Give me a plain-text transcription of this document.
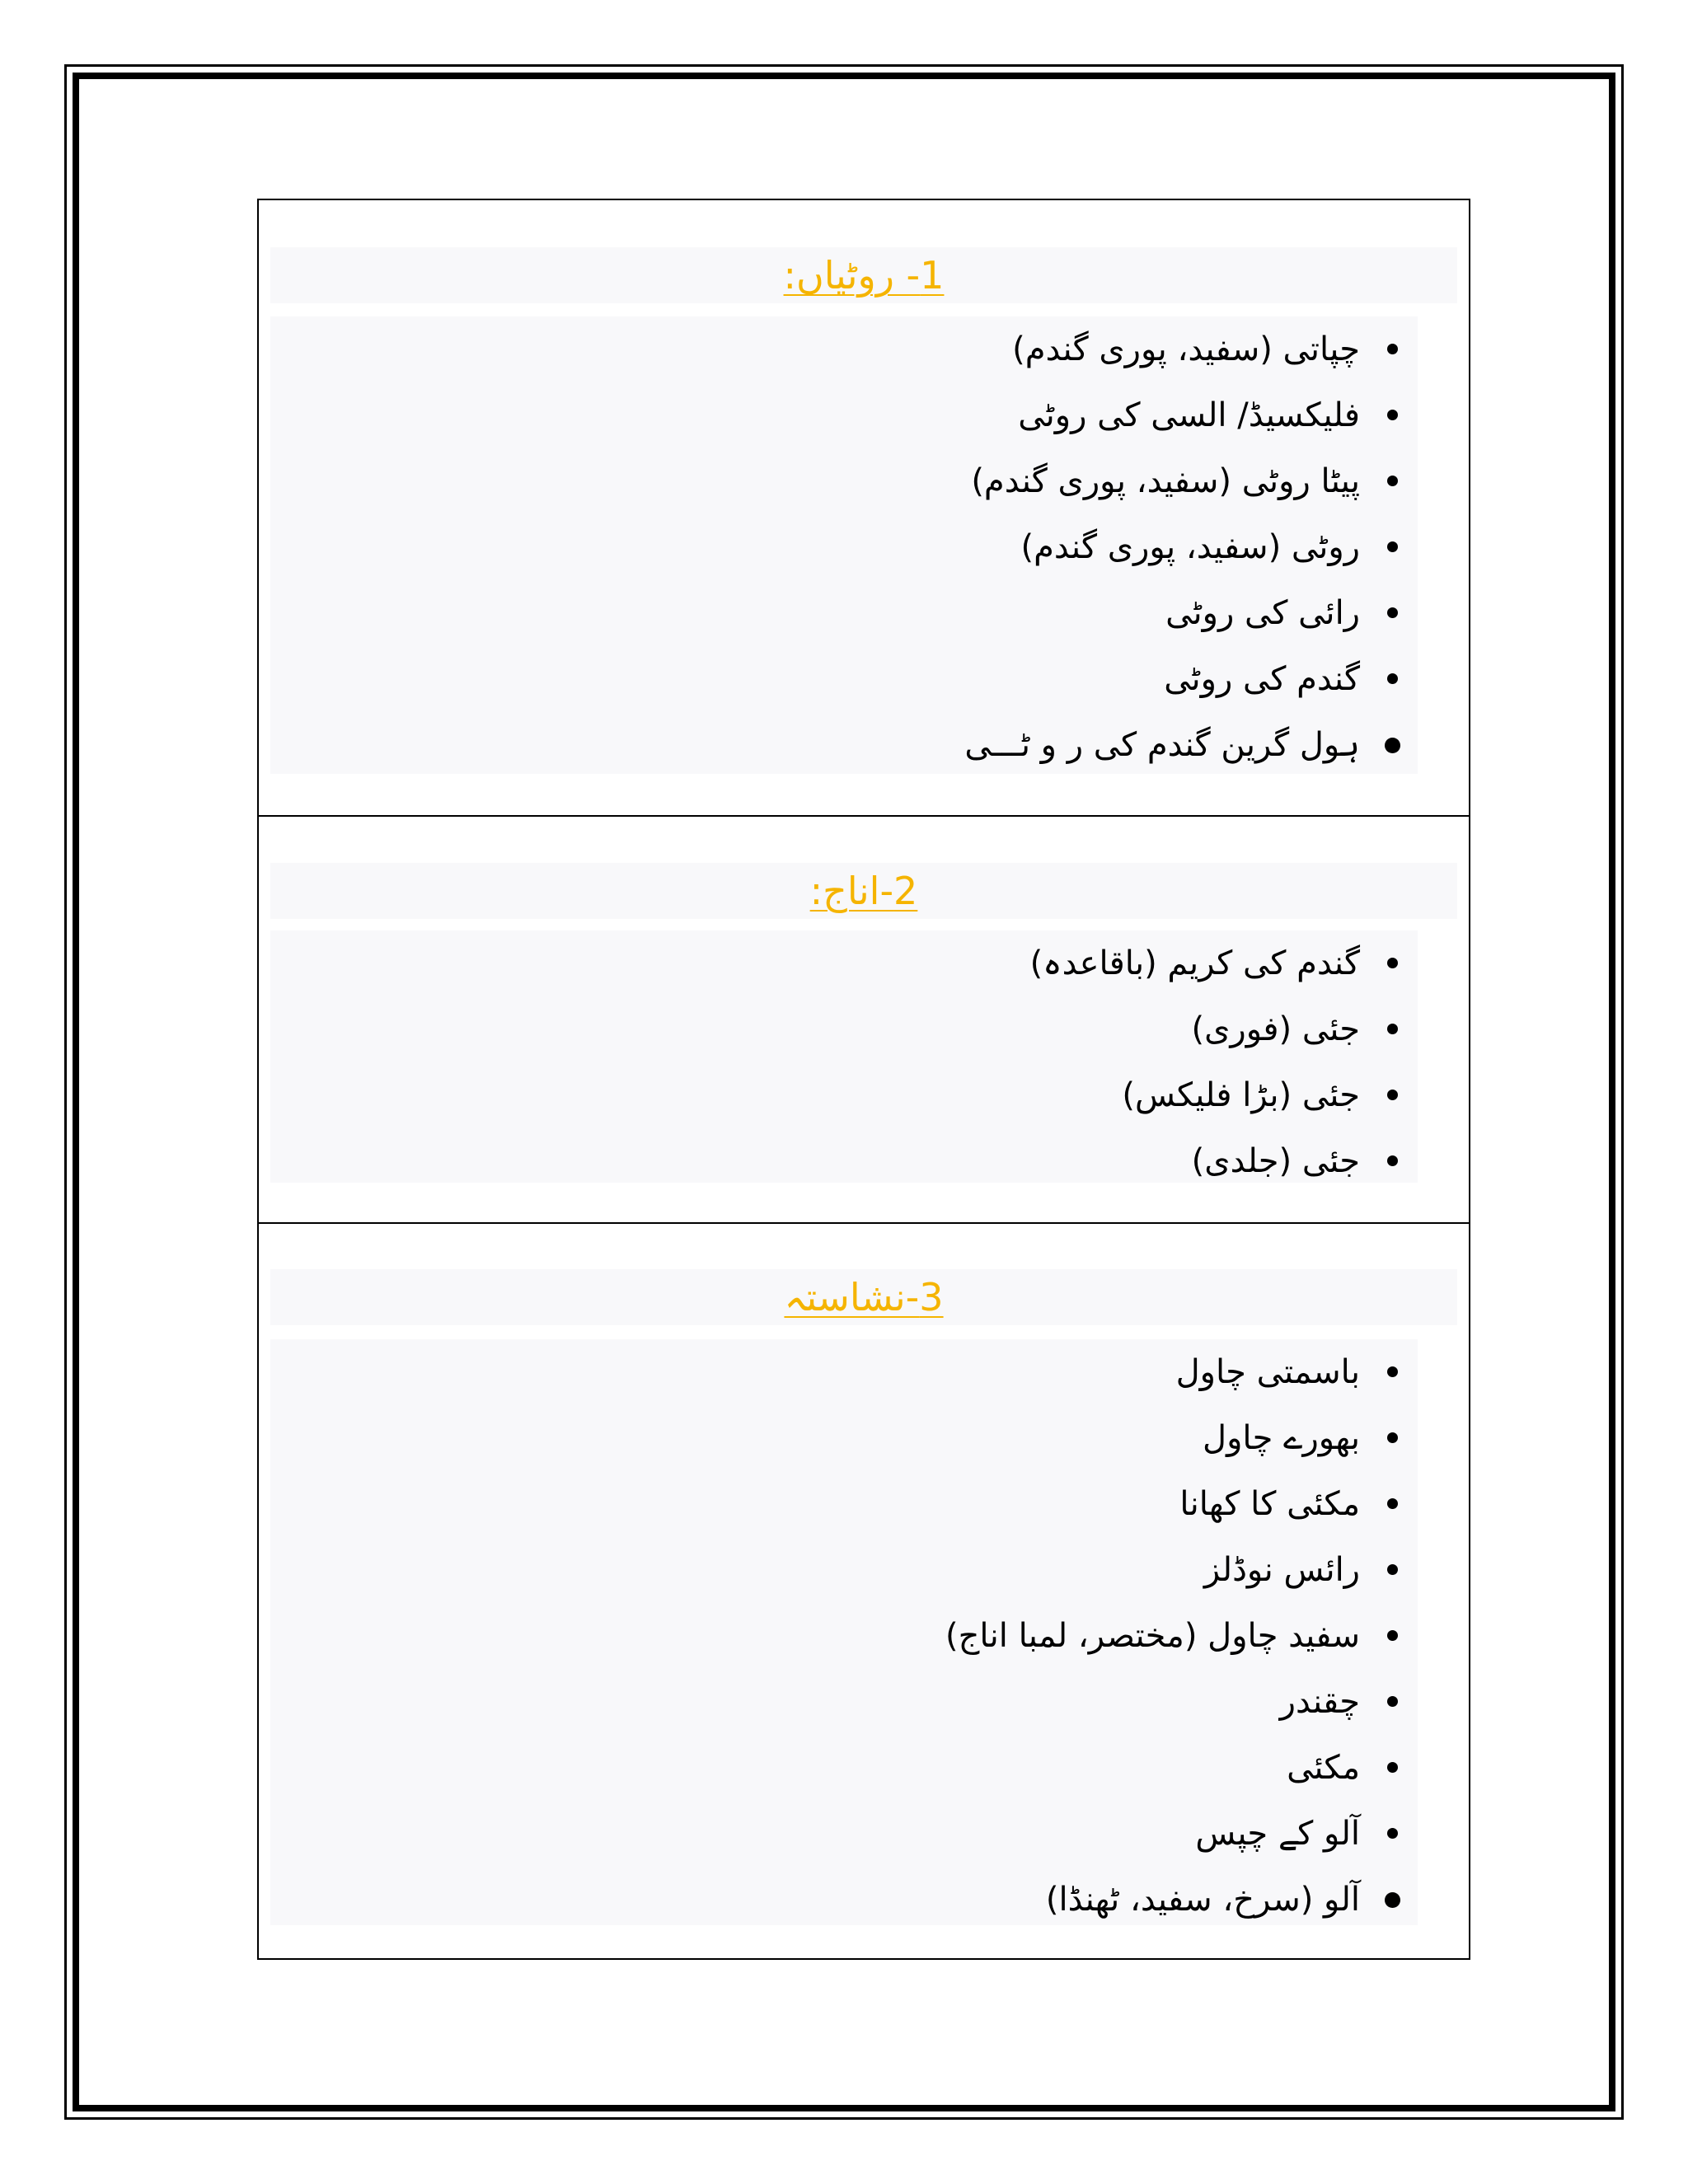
1- روٹیاں:
چپاتی (سفید، پوری گندم)
فلیکسیڈ/ السی کی روٹی
پیٹا روٹی (سفید، پوری گندم)
روٹی (سفید، پوری گندم)
رائی کی روٹی
گندم کی روٹی
ہول گرین گندم کی ر و ٹـــی
2-اناج:
گندم کی کریم (باقاعدہ)
جئی (فوری)
جئی (بڑا فلیکس)
جئی (جلدی)
3-نشاستہ
باسمتی چاول
بھورے چاول
مکئی کا کھانا
رائس نوڈلز
سفید چاول (مختصر، لمبا اناج)
چقندر
مکئی
آلو کے چپس
آلو (سرخ، سفید، ٹھنڈا)
